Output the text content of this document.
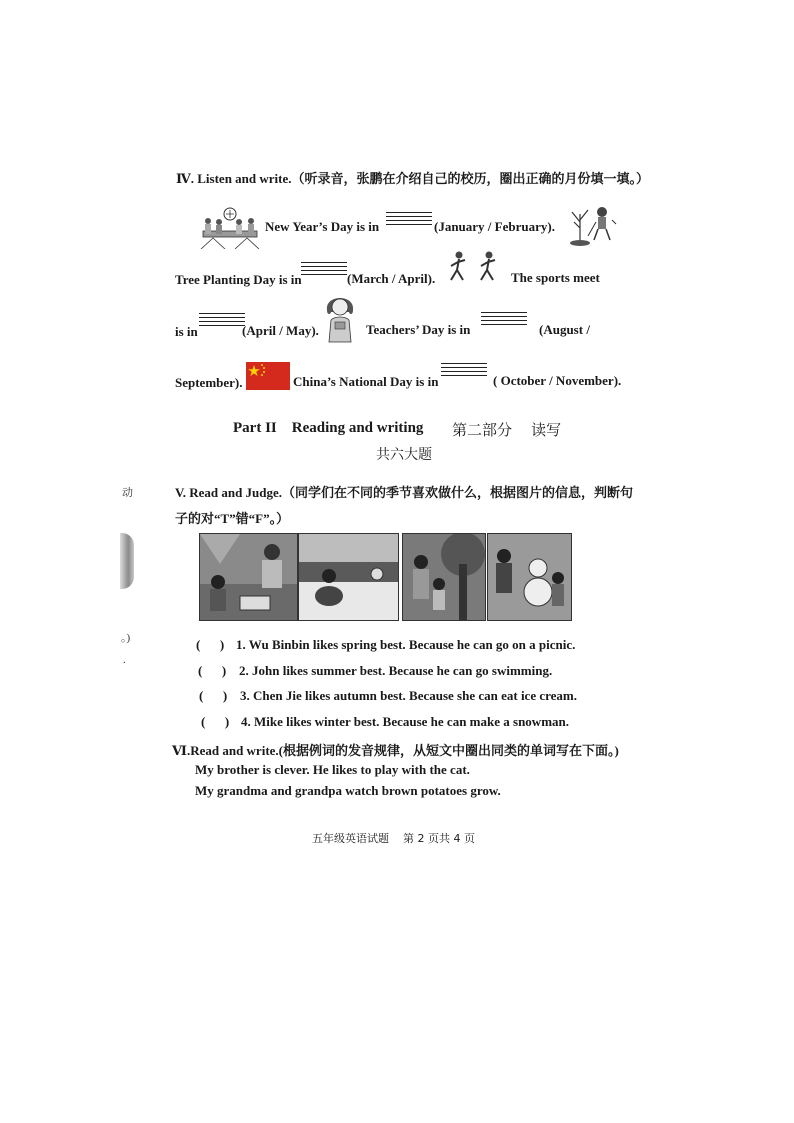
Ⅳ. Listen and write.（听录音，张鹏在介绍自己的校历，圈出正确的月份填一填。）
New Year’s Day is in	(January / February).
Tree Planting Day is in	(March / April).	The sports meet
is in	(April / May).	Teachers’ Day is in	(August /
September).	China’s National Day is in	( October / November).
Part II    Reading and writing 第二部分    读写
共六大题
动
。)
.
V. Read and Judge.（同学们在不同的季节喜欢做什么，根据图片的信息，判断句
子的对“T”错“F”。）
(      ) 1. Wu Binbin likes spring best. Because he can go on a picnic.
(      ) 2. John likes summer best. Because he can go swimming.
(      ) 3. Chen Jie likes autumn best. Because she can eat ice cream.
(      ) 4. Mike likes winter best. Because he can make a snowman.
Ⅵ.Read and write.(根据例词的发音规律，从短文中圈出同类的单词写在下面。)
My brother is clever. He likes to play with the cat.
My grandma and grandpa watch brown potatoes grow.
五年级英语试题    第 2 页共 4 页
